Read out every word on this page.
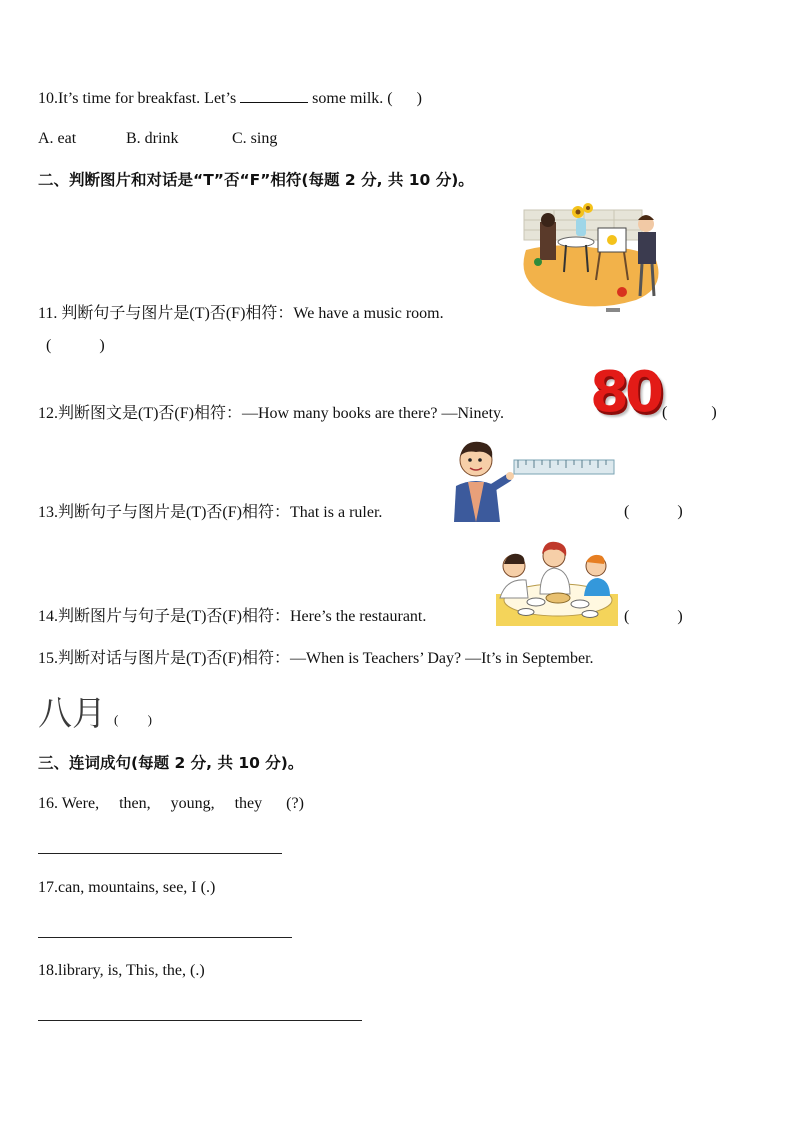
10.It’s time for breakfast. Let’s	some milk. (      )
A. eat	B. drink	C. sing
二、判断图片和对话是“T”否“F”相符(每题 2 分, 共 10 分)。
11. 判断句子与图片是(T)否(F)相符：We have a music room.
(            )
12.判断图文是(T)否(F)相符：—How many books are there? —Ninety. 80 (           )
13.判断句子与图片是(T)否(F)相符：That is a ruler.	(            )
14.判断图片与句子是(T)否(F)相符：Here’s the restaurant.	(            )
15.判断对话与图片是(T)否(F)相符：—When is Teachers’ Day? —It’s in September.
八月 (         )
三、连词成句(每题 2 分, 共 10 分)。
16. Were,     then,     young,     they      (?)
17.can, mountains, see, I (.)
18.library, is, This, the, (.)
